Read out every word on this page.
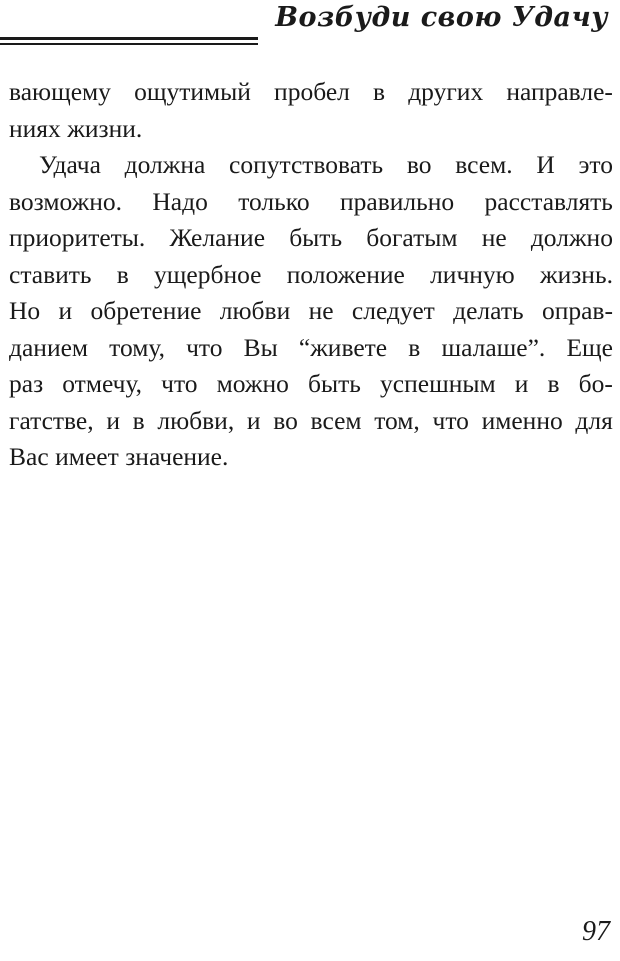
Возбуди свою Удачу
вающему ощутимый пробел в других направле-
ниях жизни.
Удача должна сопутствовать во всем. И это
возможно. Надо только правильно расставлять
приоритеты. Желание быть богатым не должно
ставить в ущербное положение личную жизнь.
Но и обретение любви не следует делать оправ-
данием тому, что Вы “живете в шалаше”. Еще
раз отмечу, что можно быть успешным и в бо-
гатстве, и в любви, и во всем том, что именно для
Вас имеет значение.
97
